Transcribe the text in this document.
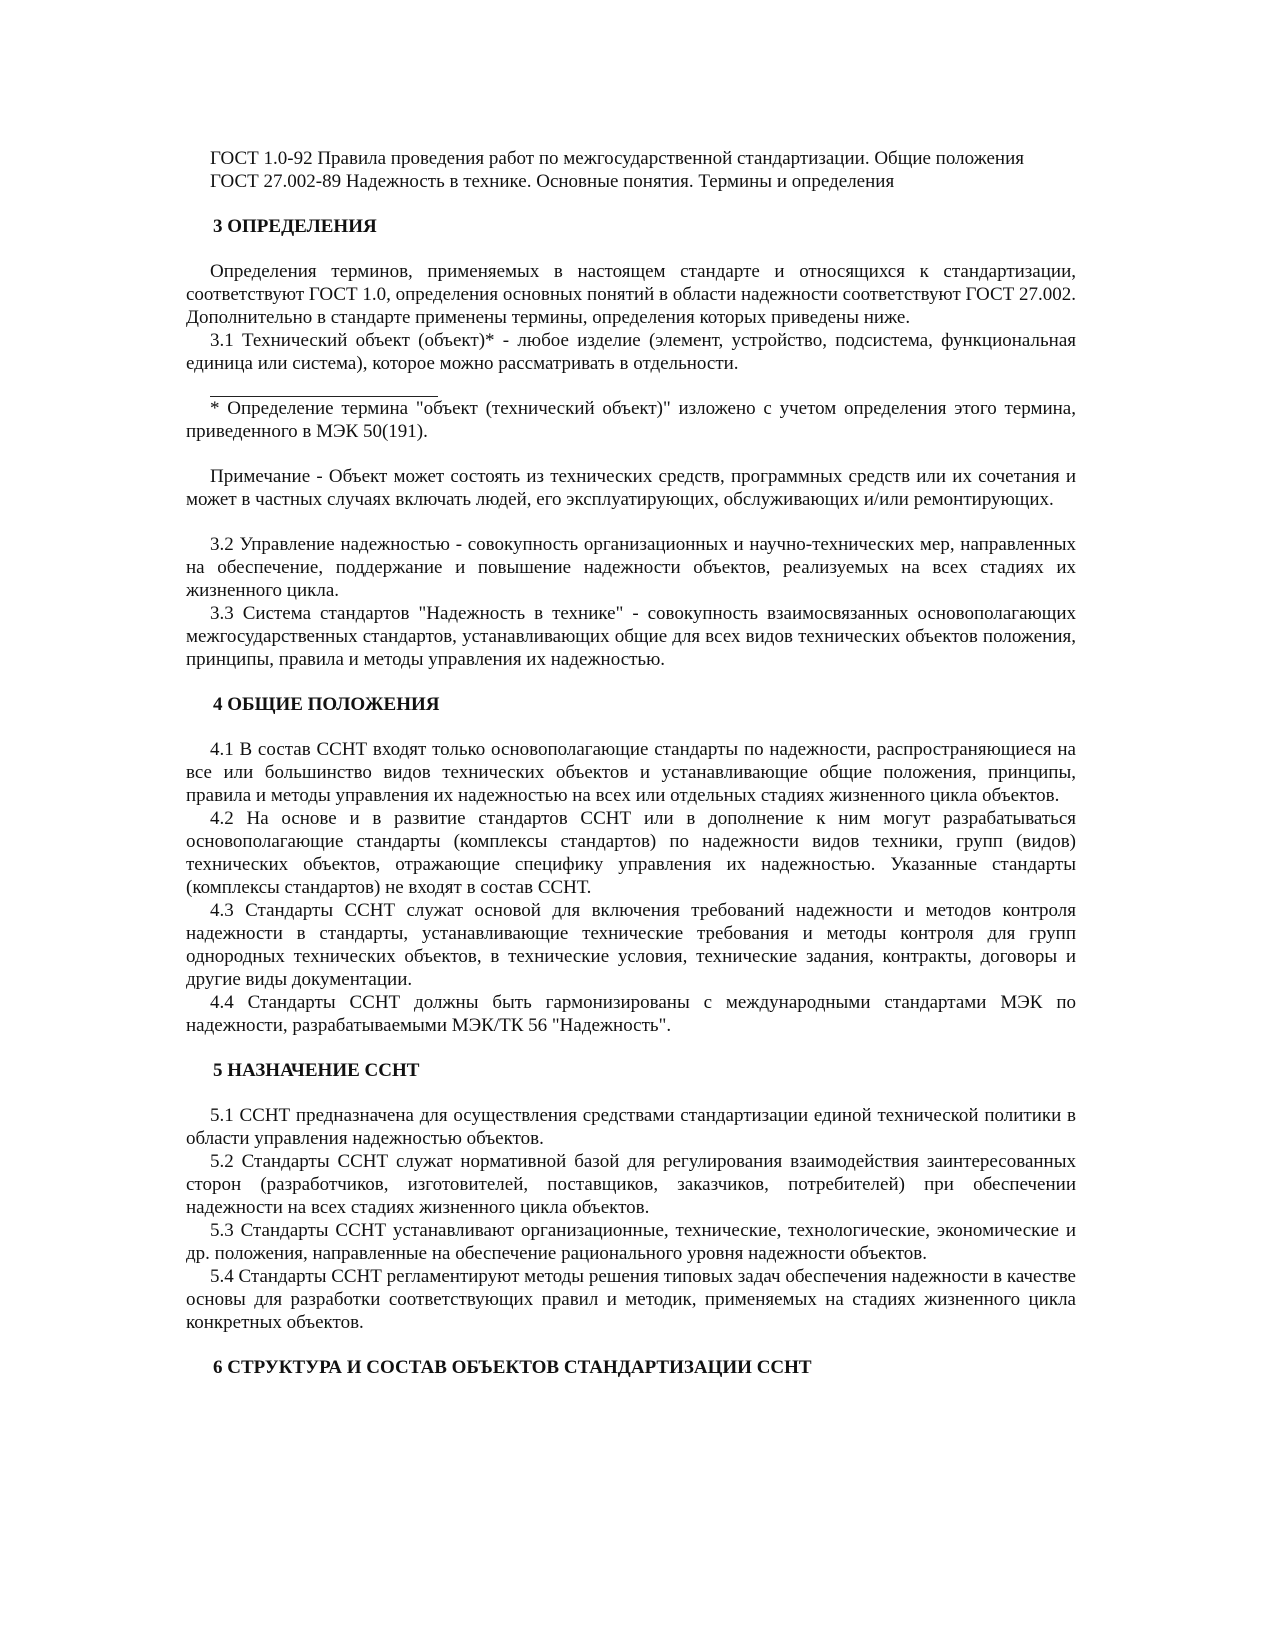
ГОСТ 1.0-92 Правила проведения работ по межгосударственной стандартизации. Общие положения

ГОСТ 27.002-89 Надежность в технике. Основные понятия. Термины и определения

3 ОПРЕДЕЛЕНИЯ

Определения терминов, применяемых в настоящем стандарте и относящихся к стандартизации, соответствуют ГОСТ 1.0, определения основных понятий в области надежности соответствуют ГОСТ 27.002. Дополнительно в стандарте применены термины, определения которых приведены ниже.

3.1 Технический объект (объект)* - любое изделие (элемент, устройство, подсистема, функциональная единица или система), которое можно рассматривать в отдельности.

* Определение термина "объект (технический объект)" изложено с учетом определения этого термина, приведенного в МЭК 50(191).

Примечание - Объект может состоять из технических средств, программных средств или их сочетания и может в частных случаях включать людей, его эксплуатирующих, обслуживающих и/или ремонтирующих.

3.2 Управление надежностью - совокупность организационных и научно-технических мер, направленных на обеспечение, поддержание и повышение надежности объектов, реализуемых на всех стадиях их жизненного цикла.

3.3 Система стандартов "Надежность в технике" - совокупность взаимосвязанных основополагающих межгосударственных стандартов, устанавливающих общие для всех видов технических объектов положения, принципы, правила и методы управления их надежностью.

4 ОБЩИЕ ПОЛОЖЕНИЯ

4.1 В состав ССНТ входят только основополагающие стандарты по надежности, распространяющиеся на все или большинство видов технических объектов и устанавливающие общие положения, принципы, правила и методы управления их надежностью на всех или отдельных стадиях жизненного цикла объектов.

4.2 На основе и в развитие стандартов ССНТ или в дополнение к ним могут разрабатываться основополагающие стандарты (комплексы стандартов) по надежности видов техники, групп (видов) технических объектов, отражающие специфику управления их надежностью. Указанные стандарты (комплексы стандартов) не входят в состав ССНТ.

4.3 Стандарты ССНТ служат основой для включения требований надежности и методов контроля надежности в стандарты, устанавливающие технические требования и методы контроля для групп однородных технических объектов, в технические условия, технические задания, контракты, договоры и другие виды документации.

4.4 Стандарты ССНТ должны быть гармонизированы с международными стандартами МЭК по надежности, разрабатываемыми МЭК/ТК 56 "Надежность".

5 НАЗНАЧЕНИЕ ССНТ

5.1 ССНТ предназначена для осуществления средствами стандартизации единой технической политики в области управления надежностью объектов.

5.2 Стандарты ССНТ служат нормативной базой для регулирования взаимодействия заинтересованных сторон (разработчиков, изготовителей, поставщиков, заказчиков, потребителей) при обеспечении надежности на всех стадиях жизненного цикла объектов.

5.3 Стандарты ССНТ устанавливают организационные, технические, технологические, экономические и др. положения, направленные на обеспечение рационального уровня надежности объектов.

5.4 Стандарты ССНТ регламентируют методы решения типовых задач обеспечения надежности в качестве основы для разработки соответствующих правил и методик, применяемых на стадиях жизненного цикла конкретных объектов.

6 СТРУКТУРА И СОСТАВ ОБЪЕКТОВ СТАНДАРТИЗАЦИИ ССНТ
